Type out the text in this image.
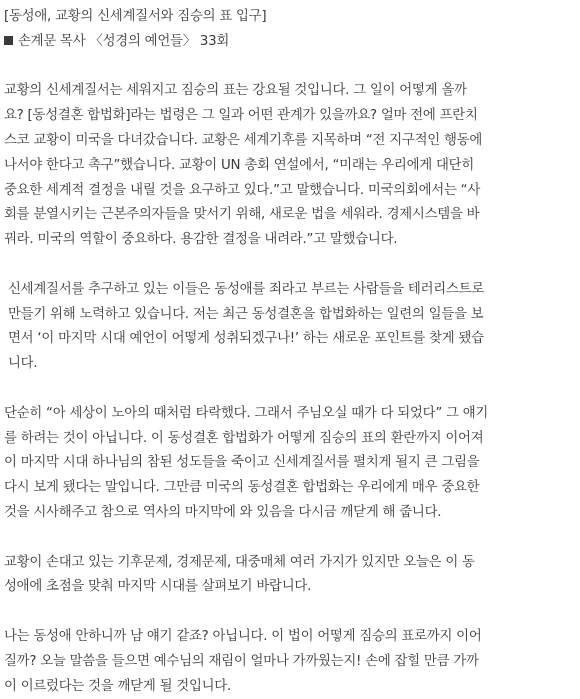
[동성애, 교황의 신세계질서와 짐승의 표 입구]
손계문 목사 〈성경의 예언들〉 33회
교황의 신세계질서는 세워지고 짐승의 표는 강요될 것입니다. 그 일이 어떻게 올까
요? [동성결혼 합법화]라는 법령은 그 일과 어떤 관계가 있을까요? 얼마 전에 프란치
스코 교황이 미국을 다녀갔습니다. 교황은 세계기후를 지목하며 “전 지구적인 행동에
나서야 한다고 촉구”했습니다. 교황이 UN 총회 연설에서, “미래는 우리에게 대단히
중요한 세계적 결정을 내릴 것을 요구하고 있다.”고 말했습니다. 미국의회에서는 “사
회를 분열시키는 근본주의자들을 맞서기 위해, 새로운 법을 세워라. 경제시스템을 바
꿔라. 미국의 역할이 중요하다. 용감한 결정을 내려라.”고 말했습니다.
신세계질서를 추구하고 있는 이들은 동성애를 죄라고 부르는 사람들을 테러리스트로
만들기 위해 노력하고 있습니다. 저는 최근 동성결혼을 합법화하는 일련의 일들을 보
면서 ‘이 마지막 시대 예언이 어떻게 성취되겠구나!’ 하는 새로운 포인트를 찾게 됐습
니다.
단순히 “아 세상이 노아의 때처럼 타락했다. 그래서 주님오실 때가 다 되었다” 그 얘기
를 하려는 것이 아닙니다. 이 동성결혼 합법화가 어떻게 짐승의 표의 환란까지 이어져
이 마지막 시대 하나님의 참된 성도들을 죽이고 신세계질서를 펼치게 될지 큰 그림을
다시 보게 됐다는 말입니다. 그만큼 미국의 동성결혼 합법화는 우리에게 매우 중요한
것을 시사해주고 참으로 역사의 마지막에 와 있음을 다시금 깨닫게 해 줍니다.
교황이 손대고 있는 기후문제, 경제문제, 대중매체 여러 가지가 있지만 오늘은 이 동
성애에 초점을 맞춰 마지막 시대를 살펴보기 바랍니다.
나는 동성애 안하니까 남 얘기 같죠? 아닙니다. 이 법이 어떻게 짐승의 표로까지 이어
질까? 오늘 말씀을 들으면 예수님의 재림이 얼마나 가까웠는지! 손에 잡힐 만큼 가까
이 이르렀다는 것을 깨닫게 될 것입니다.
